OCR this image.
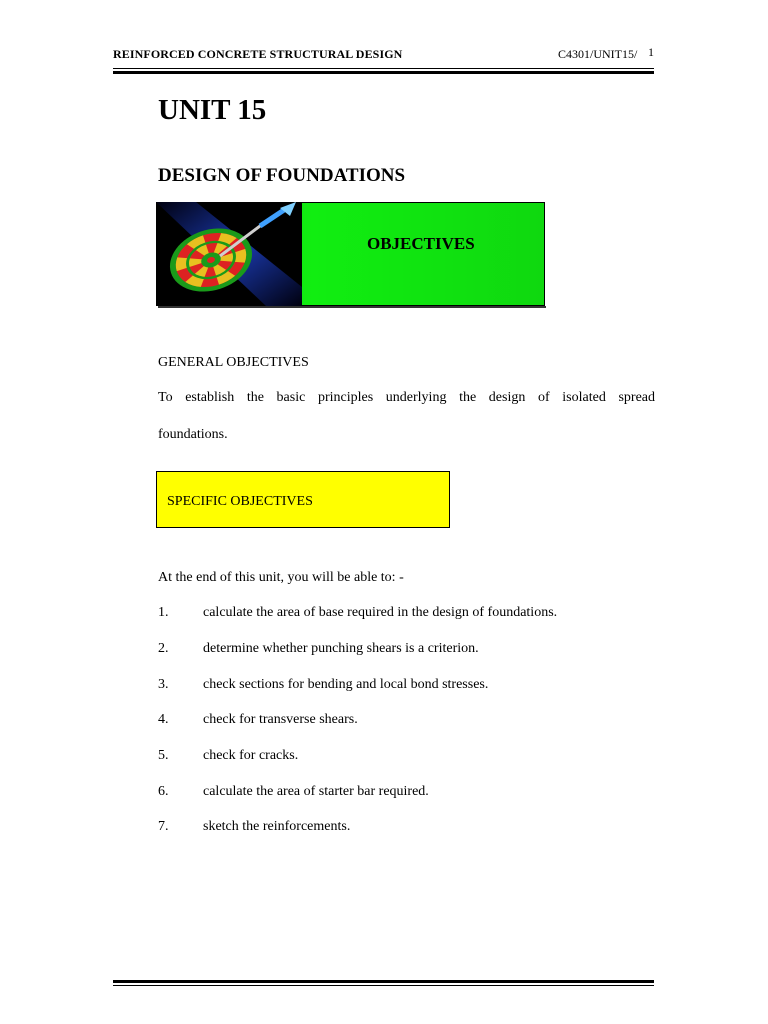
REINFORCED CONCRETE STRUCTURAL DESIGN	C4301/UNIT15/ 1
UNIT 15
DESIGN OF FOUNDATIONS
OBJECTIVES
GENERAL OBJECTIVES
To establish the basic principles underlying the design of isolated spread
foundations.
SPECIFIC OBJECTIVES
At the end of this unit, you will be able to: -
1. calculate the area of base required in the design of foundations.
2. determine whether punching shears is a criterion.
3. check sections for bending and local bond stresses.
4. check for transverse shears.
5. check for cracks.
6. calculate the area of starter bar required.
7. sketch the reinforcements.
